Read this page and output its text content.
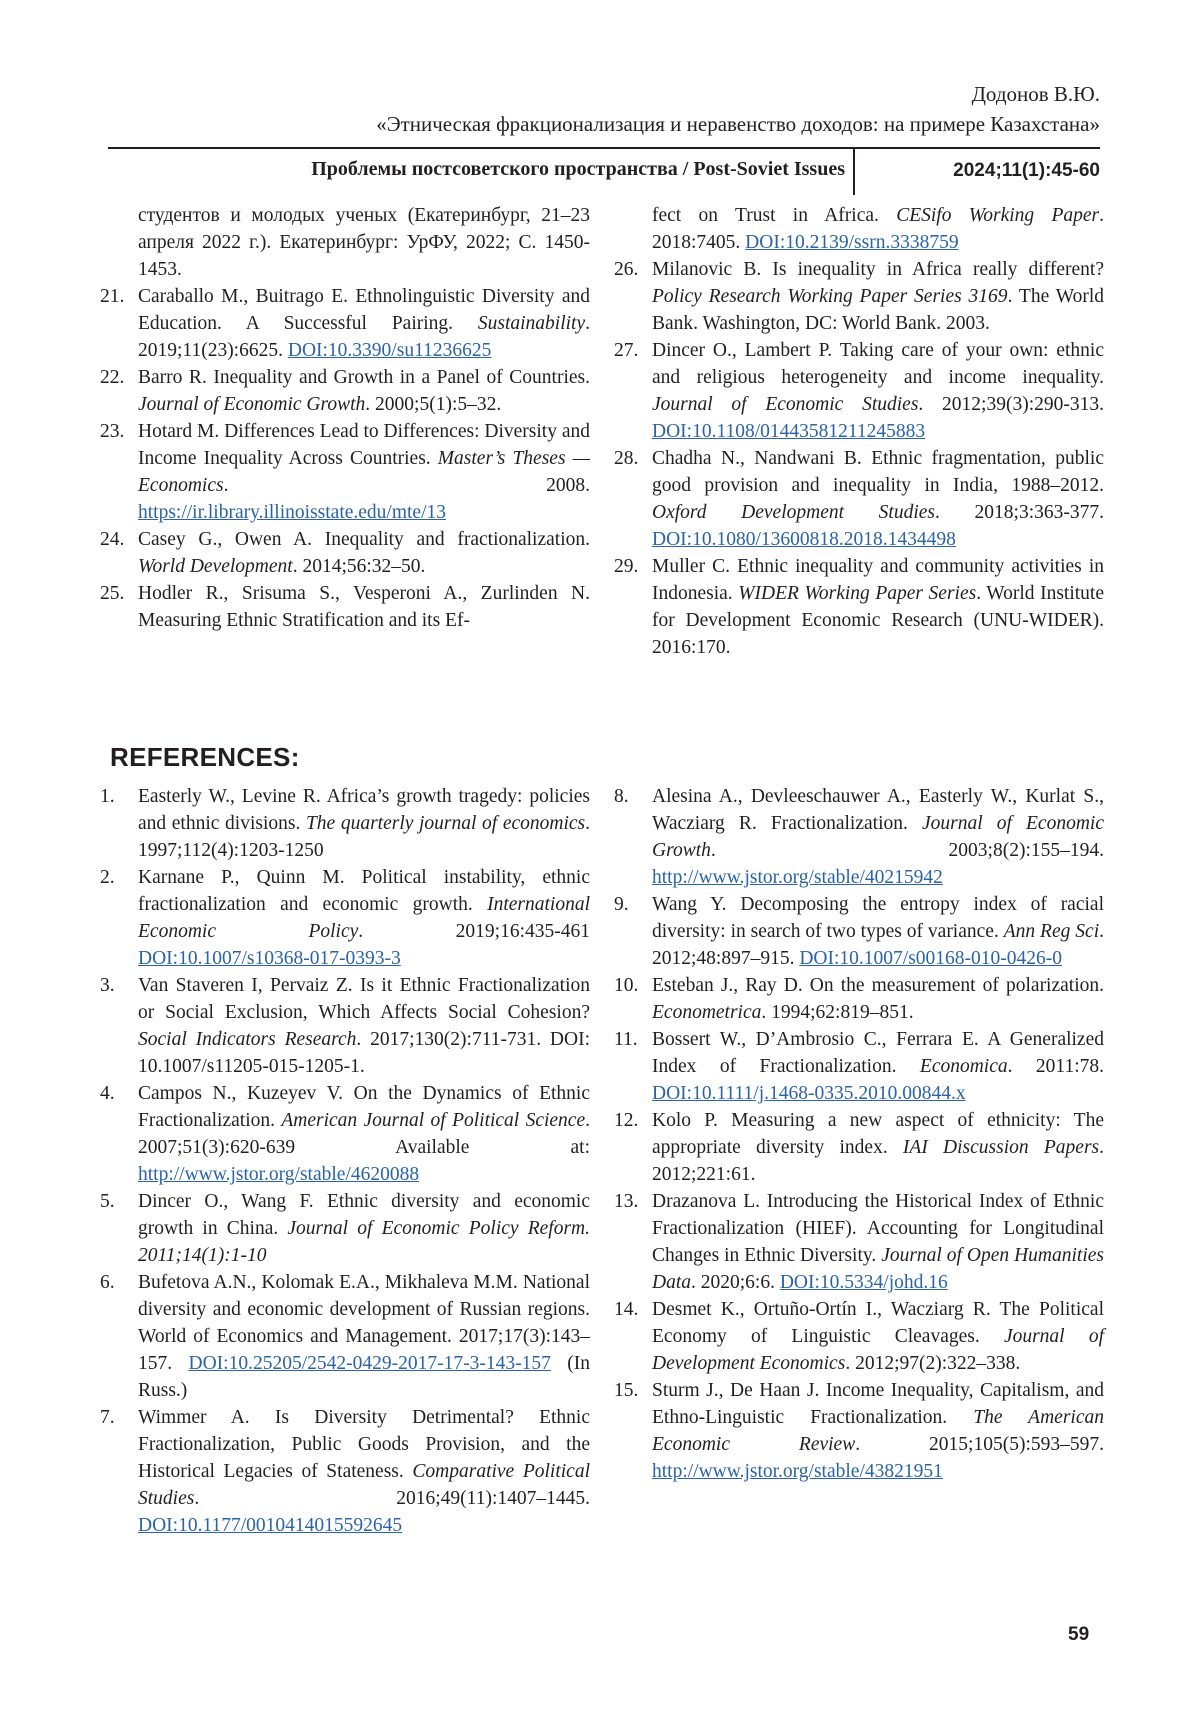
Додонов В.Ю.
«Этническая фракционализация и неравенство доходов: на примере Казахстана»
Проблемы постсоветского пространства / Post-Soviet Issues	2024;11(1):45-60
студентов и молодых ученых (Екатеринбург, 21–23 апреля 2022 г.). Екатеринбург: УрФУ, 2022; С. 1450-1453.
21. Caraballo M., Buitrago E. Ethnolinguistic Diversity and Education. A Successful Pairing. Sustainability. 2019;11(23):6625. DOI:10.3390/su11236625
22. Barro R. Inequality and Growth in a Panel of Countries. Journal of Economic Growth. 2000;5(1):5–32.
23. Hotard M. Differences Lead to Differences: Diversity and Income Inequality Across Countries. Master’s Theses — Economics. 2008. https://ir.library.illinoisstate.edu/mte/13
24. Casey G., Owen A. Inequality and fractionalization. World Development. 2014;56:32–50.
25. Hodler R., Srisuma S., Vesperoni A., Zurlinden N. Measuring Ethnic Stratification and its Ef-
fect on Trust in Africa. CESifo Working Paper. 2018:7405. DOI:10.2139/ssrn.3338759
26. Milanovic B. Is inequality in Africa really different? Policy Research Working Paper Series 3169. The World Bank. Washington, DC: World Bank. 2003.
27. Dincer O., Lambert P. Taking care of your own: ethnic and religious heterogeneity and income inequality. Journal of Economic Studies. 2012;39(3):290-313. DOI:10.1108/01443581211245883
28. Chadha N., Nandwani B. Ethnic fragmentation, public good provision and inequality in India, 1988–2012. Oxford Development Studies. 2018;3:363-377. DOI:10.1080/13600818.2018.1434498
29. Muller C. Ethnic inequality and community activities in Indonesia. WIDER Working Paper Series. World Institute for Development Economic Research (UNU-WIDER). 2016:170.
REFERENCES:
1. Easterly W., Levine R. Africa’s growth tragedy: policies and ethnic divisions. The quarterly journal of economics. 1997;112(4):1203-1250
2. Karnane P., Quinn M. Political instability, ethnic fractionalization and economic growth. International Economic Policy. 2019;16:435-461 DOI:10.1007/s10368-017-0393-3
3. Van Staveren I, Pervaiz Z. Is it Ethnic Fractionalization or Social Exclusion, Which Affects Social Cohesion? Social Indicators Research. 2017;130(2):711-731. DOI: 10.1007/s11205-015-1205-1.
4. Campos N., Kuzeyev V. On the Dynamics of Ethnic Fractionalization. American Journal of Political Science. 2007;51(3):620-639 Available at: http://www.jstor.org/stable/4620088
5. Dincer O., Wang F. Ethnic diversity and economic growth in China. Journal of Economic Policy Reform. 2011;14(1):1-10
6. Bufetova A.N., Kolomak E.A., Mikhaleva M.M. National diversity and economic development of Russian regions. World of Economics and Management. 2017;17(3):143–157. DOI:10.25205/2542-0429-2017-17-3-143-157 (In Russ.)
7. Wimmer A. Is Diversity Detrimental? Ethnic Fractionalization, Public Goods Provision, and the Historical Legacies of Stateness. Comparative Political Studies. 2016;49(11):1407–1445. DOI:10.1177/0010414015592645
8. Alesina A., Devleeschauwer A., Easterly W., Kurlat S., Wacziarg R. Fractionalization. Journal of Economic Growth. 2003;8(2):155–194. http://www.jstor.org/stable/40215942
9. Wang Y. Decomposing the entropy index of racial diversity: in search of two types of variance. Ann Reg Sci. 2012;48:897–915. DOI:10.1007/s00168-010-0426-0
10. Esteban J., Ray D. On the measurement of polarization. Econometrica. 1994;62:819–851.
11. Bossert W., D’Ambrosio C., Ferrara E. A Generalized Index of Fractionalization. Economica. 2011:78. DOI:10.1111/j.1468-0335.2010.00844.x
12. Kolo P. Measuring a new aspect of ethnicity: The appropriate diversity index. IAI Discussion Papers. 2012;221:61.
13. Drazanova L. Introducing the Historical Index of Ethnic Fractionalization (HIEF). Accounting for Longitudinal Changes in Ethnic Diversity. Journal of Open Humanities Data. 2020;6:6. DOI:10.5334/johd.16
14. Desmet K., Ortuño-Ortín I., Wacziarg R. The Political Economy of Linguistic Cleavages. Journal of Development Economics. 2012;97(2):322–338.
15. Sturm J., De Haan J. Income Inequality, Capitalism, and Ethno-Linguistic Fractionalization. The American Economic Review. 2015;105(5):593–597. http://www.jstor.org/stable/43821951
59
